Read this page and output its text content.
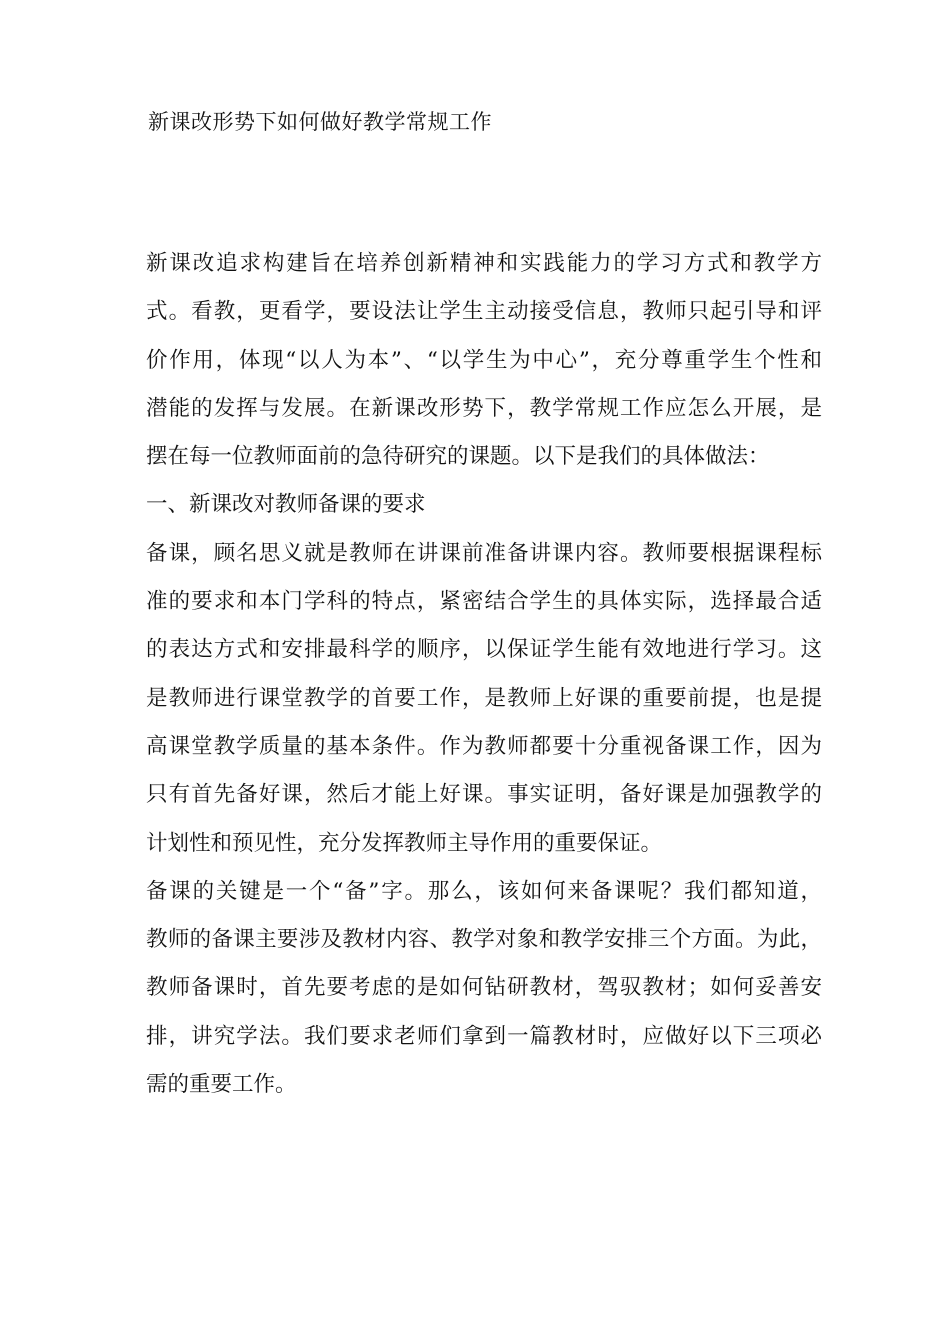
新课改形势下如何做好教学常规工作
新课改追求构建旨在培养创新精神和实践能力的学习方式和教学方
式。看教，更看学，要设法让学生主动接受信息，教师只起引导和评
价作用，体现“以人为本”、“以学生为中心”，充分尊重学生个性和
潜能的发挥与发展。在新课改形势下，教学常规工作应怎么开展，是
摆在每一位教师面前的急待研究的课题。以下是我们的具体做法：
一、新课改对教师备课的要求
备课，顾名思义就是教师在讲课前准备讲课内容。教师要根据课程标
准的要求和本门学科的特点，紧密结合学生的具体实际，选择最合适
的表达方式和安排最科学的顺序，以保证学生能有效地进行学习。这
是教师进行课堂教学的首要工作，是教师上好课的重要前提，也是提
高课堂教学质量的基本条件。作为教师都要十分重视备课工作，因为
只有首先备好课，然后才能上好课。事实证明，备好课是加强教学的
计划性和预见性，充分发挥教师主导作用的重要保证。
备课的关键是一个“备”字。那么，该如何来备课呢？我们都知道，
教师的备课主要涉及教材内容、教学对象和教学安排三个方面。为此，
教师备课时，首先要考虑的是如何钻研教材，驾驭教材；如何妥善安
排，讲究学法。我们要求老师们拿到一篇教材时，应做好以下三项必
需的重要工作。
